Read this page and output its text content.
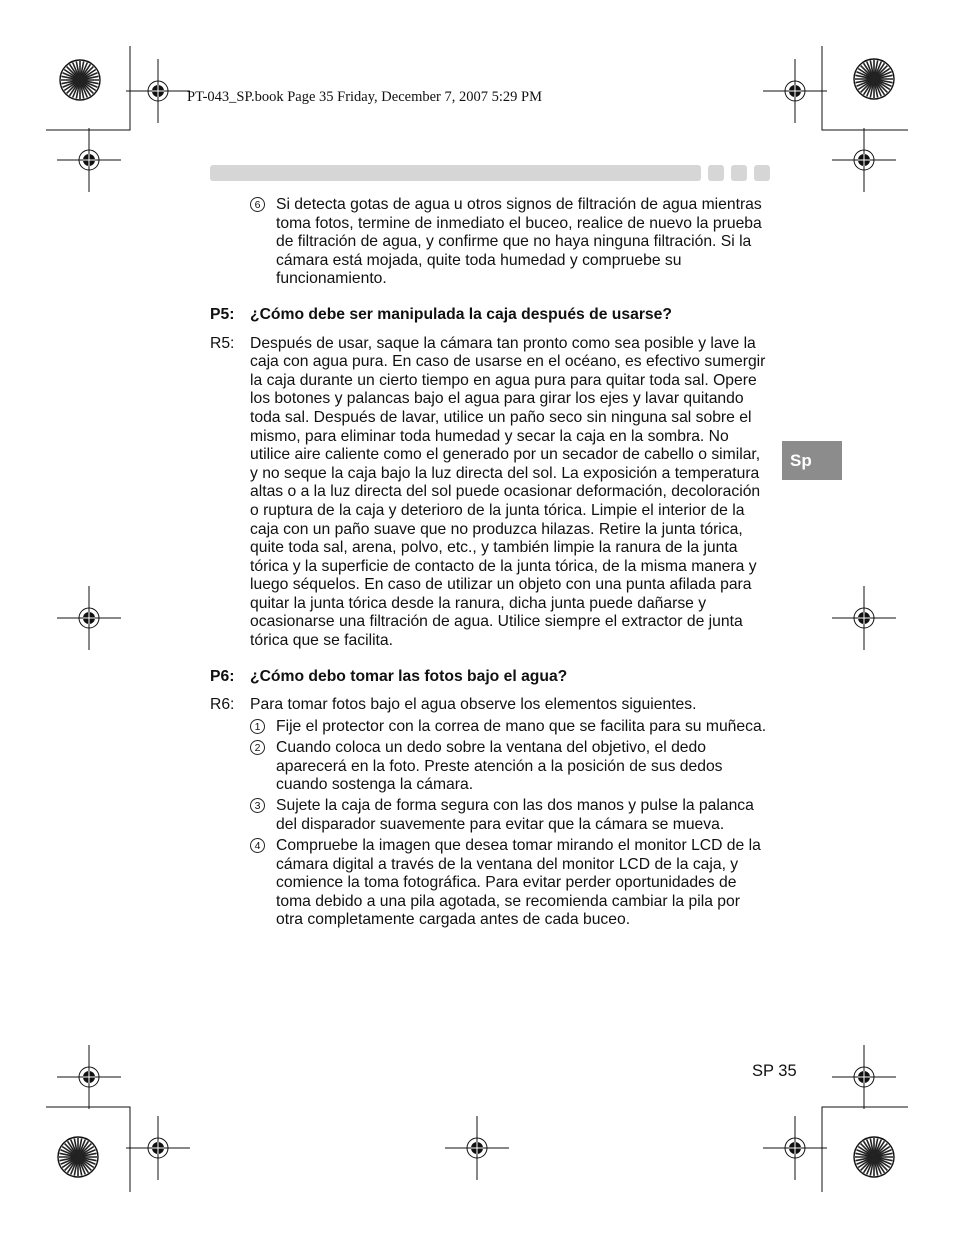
PT-043_SP.book Page 35 Friday, December 7, 2007 5:29 PM
Sp
6 Si detecta gotas de agua u otros signos de filtración de agua mientras toma fotos, termine de inmediato el buceo, realice de nuevo la prueba de filtración de agua, y confirme que no haya ninguna filtración. Si la cámara está mojada, quite toda humedad y compruebe su funcionamiento.
P5: ¿Cómo debe ser manipulada la caja después de usarse?
R5: Después de usar, saque la cámara tan pronto como sea posible y lave la caja con agua pura. En caso de usarse en el océano, es efectivo sumergir la caja durante un cierto tiempo en agua pura para quitar toda sal. Opere los botones y palancas bajo el agua para girar los ejes y lavar quitando toda sal. Después de lavar, utilice un paño seco sin ninguna sal sobre el mismo, para eliminar toda humedad y secar la caja en la sombra. No utilice aire caliente como el generado por un secador de cabello o similar, y no seque la caja bajo la luz directa del sol. La exposición a temperatura altas o a la luz directa del sol puede ocasionar deformación, decoloración o ruptura de la caja y deterioro de la junta tórica. Limpie el interior de la caja con un paño suave que no produzca hilazas. Retire la junta tórica, quite toda sal, arena, polvo, etc., y también limpie la ranura de la junta tórica y la superficie de contacto de la junta tórica, de la misma manera y luego séquelos. En caso de utilizar un objeto con una punta afilada para quitar la junta tórica desde la ranura, dicha junta puede dañarse y ocasionarse una filtración de agua. Utilice siempre el extractor de junta tórica que se facilita.
P6: ¿Cómo debo tomar las fotos bajo el agua?
R6: Para tomar fotos bajo el agua observe los elementos siguientes.
1 Fije el protector con la correa de mano que se facilita para su muñeca.
2 Cuando coloca un dedo sobre la ventana del objetivo, el dedo aparecerá en la foto. Preste atención a la posición de sus dedos cuando sostenga la cámara.
3 Sujete la caja de forma segura con las dos manos y pulse la palanca del disparador suavemente para evitar que la cámara se mueva.
4 Compruebe la imagen que desea tomar mirando el monitor LCD de la cámara digital a través de la ventana del monitor LCD de la caja, y comience la toma fotográfica. Para evitar perder oportunidades de toma debido a una pila agotada, se recomienda cambiar la pila por otra completamente cargada antes de cada buceo.
SP 35
